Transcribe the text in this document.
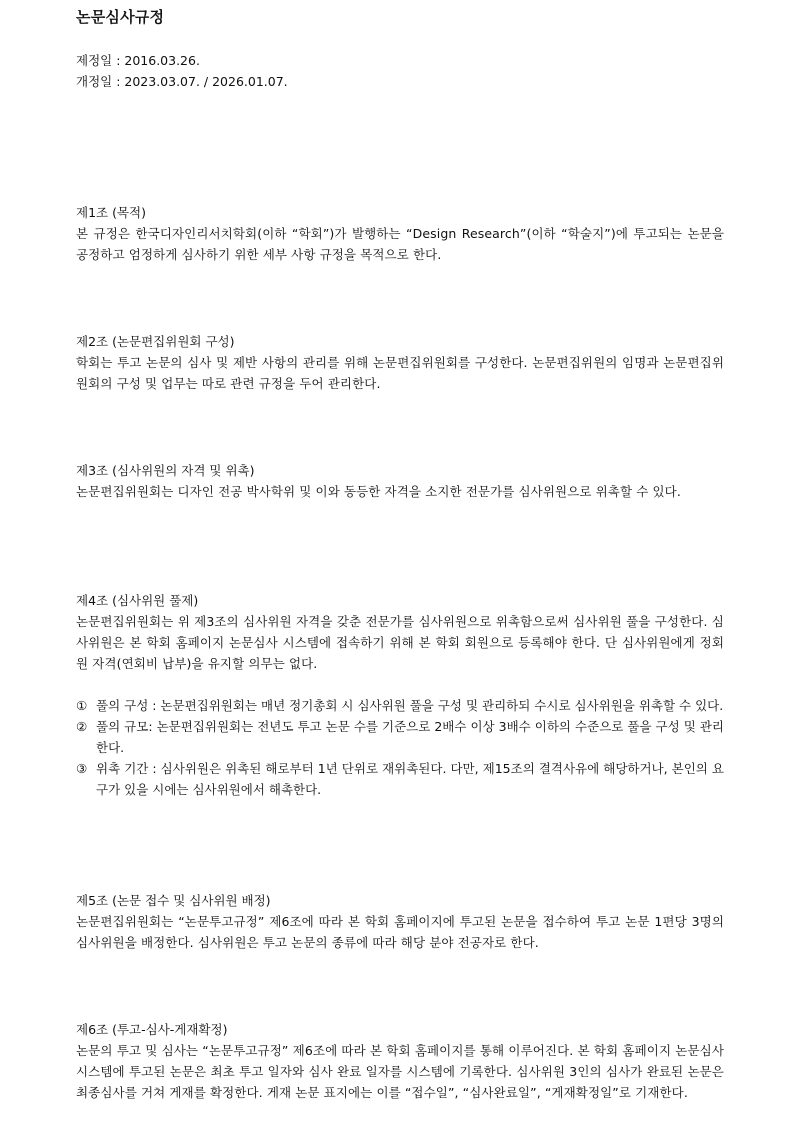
논문심사규정
제정일 : 2016.03.26.
개정일 : 2023.03.07. / 2026.01.07.
제1조 (목적)
본 규정은 한국디자인리서치학회(이하 “학회”)가 발행하는 “Design Research”(이하 “학술지”)에 투고되는 논문을 공정하고 엄정하게 심사하기 위한 세부 사항 규정을 목적으로 한다.
제2조 (논문편집위원회 구성)
학회는 투고 논문의 심사 및 제반 사항의 관리를 위해 논문편집위원회를 구성한다. 논문편집위원의 임명과 논문편집위원회의 구성 및 업무는 따로 관련 규정을 두어 관리한다.
제3조 (심사위원의 자격 및 위촉)
논문편집위원회는 디자인 전공 박사학위 및 이와 동등한 자격을 소지한 전문가를 심사위원으로 위촉할 수 있다.
제4조 (심사위원 풀제)
논문편집위원회는 위 제3조의 심사위원 자격을 갖춘 전문가를 심사위원으로 위촉함으로써 심사위원 풀을 구성한다. 심사위원은 본 학회 홈페이지 논문심사 시스템에 접속하기 위해 본 학회 회원으로 등록해야 한다. 단 심사위원에게 정회원 자격(연회비 납부)을 유지할 의무는 없다.
① 풀의 구성 : 논문편집위원회는 매년 정기총회 시 심사위원 풀을 구성 및 관리하되 수시로 심사위원을 위촉할 수 있다.
② 풀의 규모: 논문편집위원회는 전년도 투고 논문 수를 기준으로 2배수 이상 3배수 이하의 수준으로 풀을 구성 및 관리한다.
③ 위촉 기간 : 심사위원은 위촉된 해로부터 1년 단위로 재위촉된다. 다만, 제15조의 결격사유에 해당하거나, 본인의 요구가 있을 시에는 심사위원에서 해촉한다.
제5조 (논문 접수 및 심사위원 배정)
논문편집위원회는 “논문투고규정” 제6조에 따라 본 학회 홈페이지에 투고된 논문을 접수하여 투고 논문 1편당 3명의 심사위원을 배정한다. 심사위원은 투고 논문의 종류에 따라 해당 분야 전공자로 한다.
제6조 (투고-심사-게재확정)
논문의 투고 및 심사는 “논문투고규정” 제6조에 따라 본 학회 홈페이지를 통해 이루어진다. 본 학회 홈페이지 논문심사 시스템에 투고된 논문은 최초 투고 일자와 심사 완료 일자를 시스템에 기록한다. 심사위원 3인의 심사가 완료된 논문은 최종심사를 거쳐 게재를 확정한다. 게재 논문 표지에는 이를 “접수일”, “심사완료일”, “게재확정일”로 기재한다.
